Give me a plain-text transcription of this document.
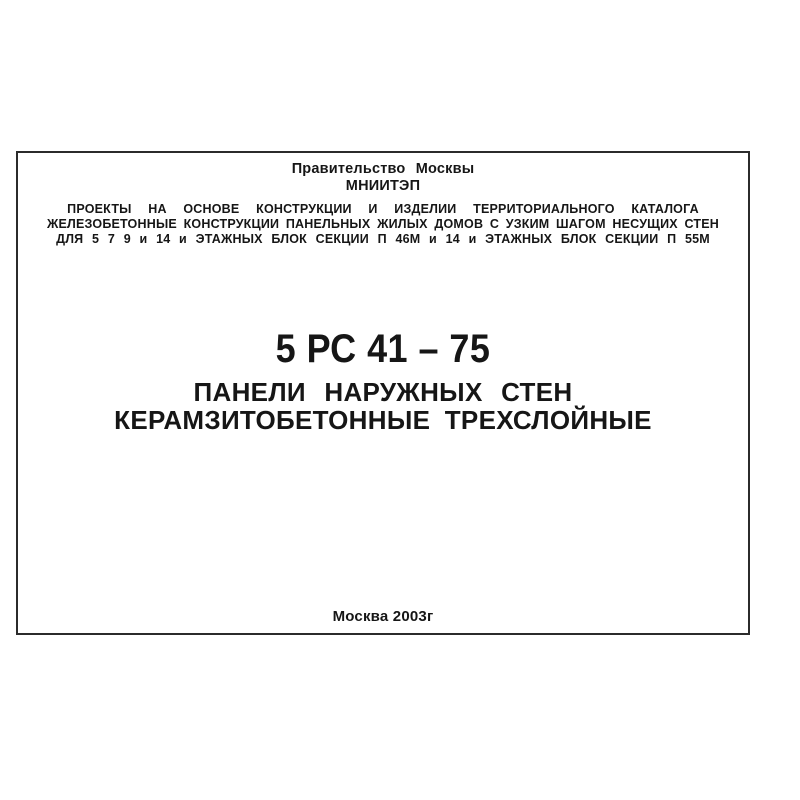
Правительство Москвы
МНИИТЭП
ПРОЕКТЫ НА ОСНОВЕ КОНСТРУКЦИИ И ИЗДЕЛИИ ТЕРРИТОРИАЛЬНОГО КАТАЛОГА
ЖЕЛЕЗОБЕТОННЫЕ КОНСТРУКЦИИ ПАНЕЛЬНЫХ ЖИЛЫХ ДОМОВ С УЗКИМ ШАГОМ НЕСУЩИХ СТЕН
ДЛЯ 5 7 9 и 14 и ЭТАЖНЫХ БЛОК СЕКЦИИ П 46М и 14 и ЭТАЖНЫХ БЛОК СЕКЦИИ П 55М
5 РС 41 – 75
ПАНЕЛИ НАРУЖНЫХ СТЕН
КЕРАМЗИТОБЕТОННЫЕ ТРЕХСЛОЙНЫЕ
Москва 2003г
